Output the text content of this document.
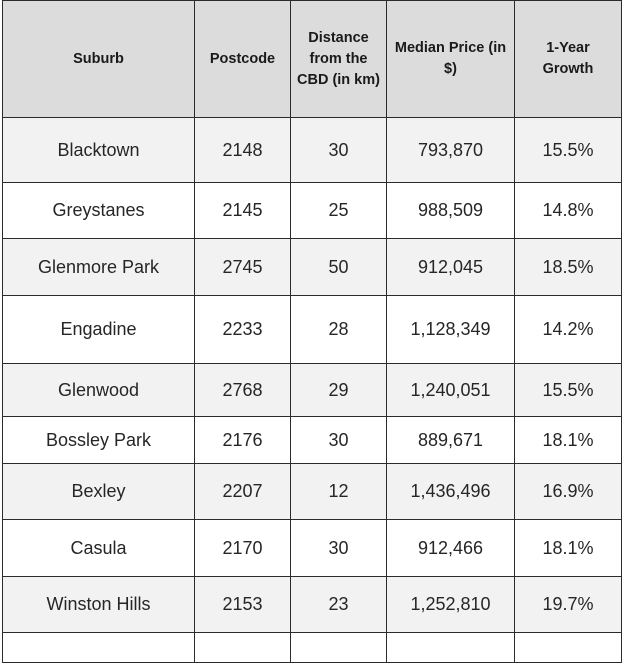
Suburb	Postcode	Distance from the CBD (in km)	Median Price (in $)	1-Year Growth
Blacktown	2148	30	793,870	15.5%
Greystanes	2145	25	988,509	14.8%
Glenmore Park	2745	50	912,045	18.5%
Engadine	2233	28	1,128,349	14.2%
Glenwood	2768	29	1,240,051	15.5%
Bossley Park	2176	30	889,671	18.1%
Bexley	2207	12	1,436,496	16.9%
Casula	2170	30	912,466	18.1%
Winston Hills	2153	23	1,252,810	19.7%
